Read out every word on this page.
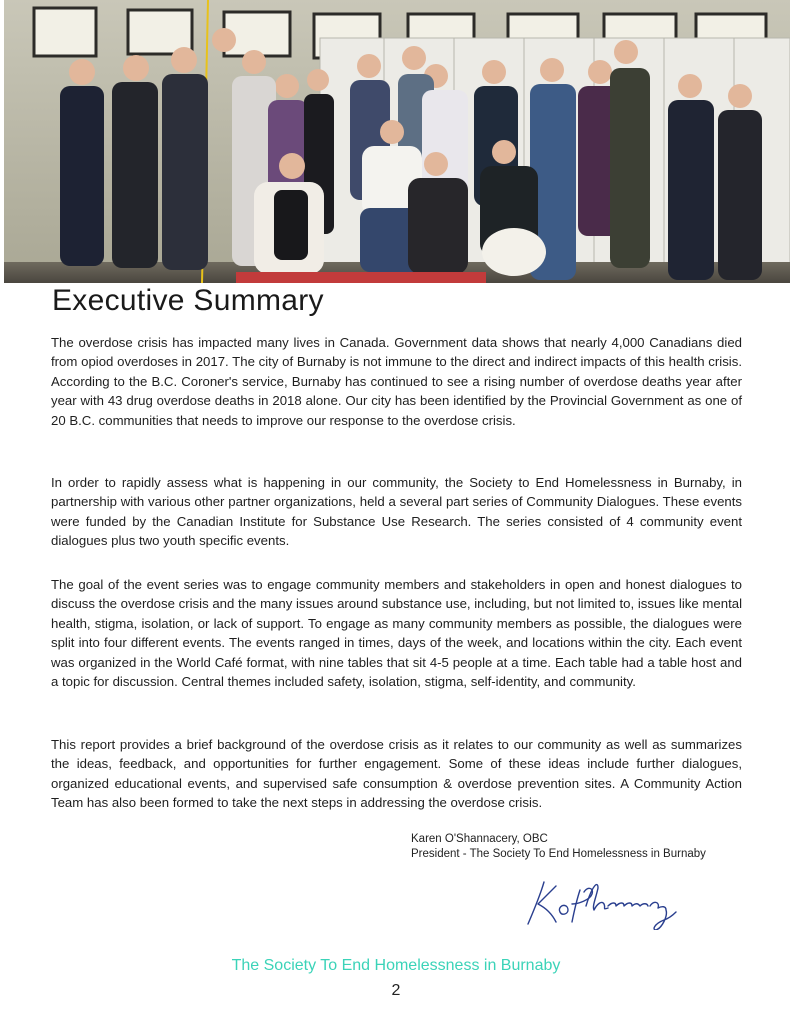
Executive Summary

The overdose crisis has impacted many lives in Canada. Government data shows that nearly 4,000 Canadians died from opiod overdoses in 2017. The city of Burnaby is not immune to the direct and indirect impacts of this health crisis. According to the B.C. Coroner's service, Burnaby has continued to see a rising number of overdose deaths year after year with 43 drug overdose deaths in 2018 alone. Our city has been identified by the Provincial Government as one of 20 B.C. communities that needs to improve our response to the overdose crisis.

In order to rapidly assess what is happening in our community, the Society to End Homelessness in Burnaby, in partnership with various other partner organizations, held a several part series of Community Dialogues. These events were funded by the Canadian Institute for Substance Use Research. The series consisted of 4 community event dialogues plus two youth specific events.

The goal of the event series was to engage community members and stakeholders in open and honest dialogues to discuss the overdose crisis and the many issues around substance use, including, but not limited to, issues like mental health, stigma, isolation, or lack of support. To engage as many community members as possible, the dialogues were split into four different events. The events ranged in times, days of the week, and locations within the city. Each event was organized in the World Café format, with nine tables that sit 4-5 people at a time. Each table had a table host and a topic for discussion. Central themes included safety, isolation, stigma, self-identity, and community.

This report provides a brief background of the overdose crisis as it relates to our community as well as summarizes the ideas, feedback, and opportunities for further engagement. Some of these ideas include further dialogues, organized educational events, and supervised safe consumption & overdose prevention sites. A Community Action Team has also been formed to take the next steps in addressing the overdose crisis.

Karen O'Shannacery, OBC
President - The Society To End Homelessness in Burnaby
The Society To End Homelessness in Burnaby
2
